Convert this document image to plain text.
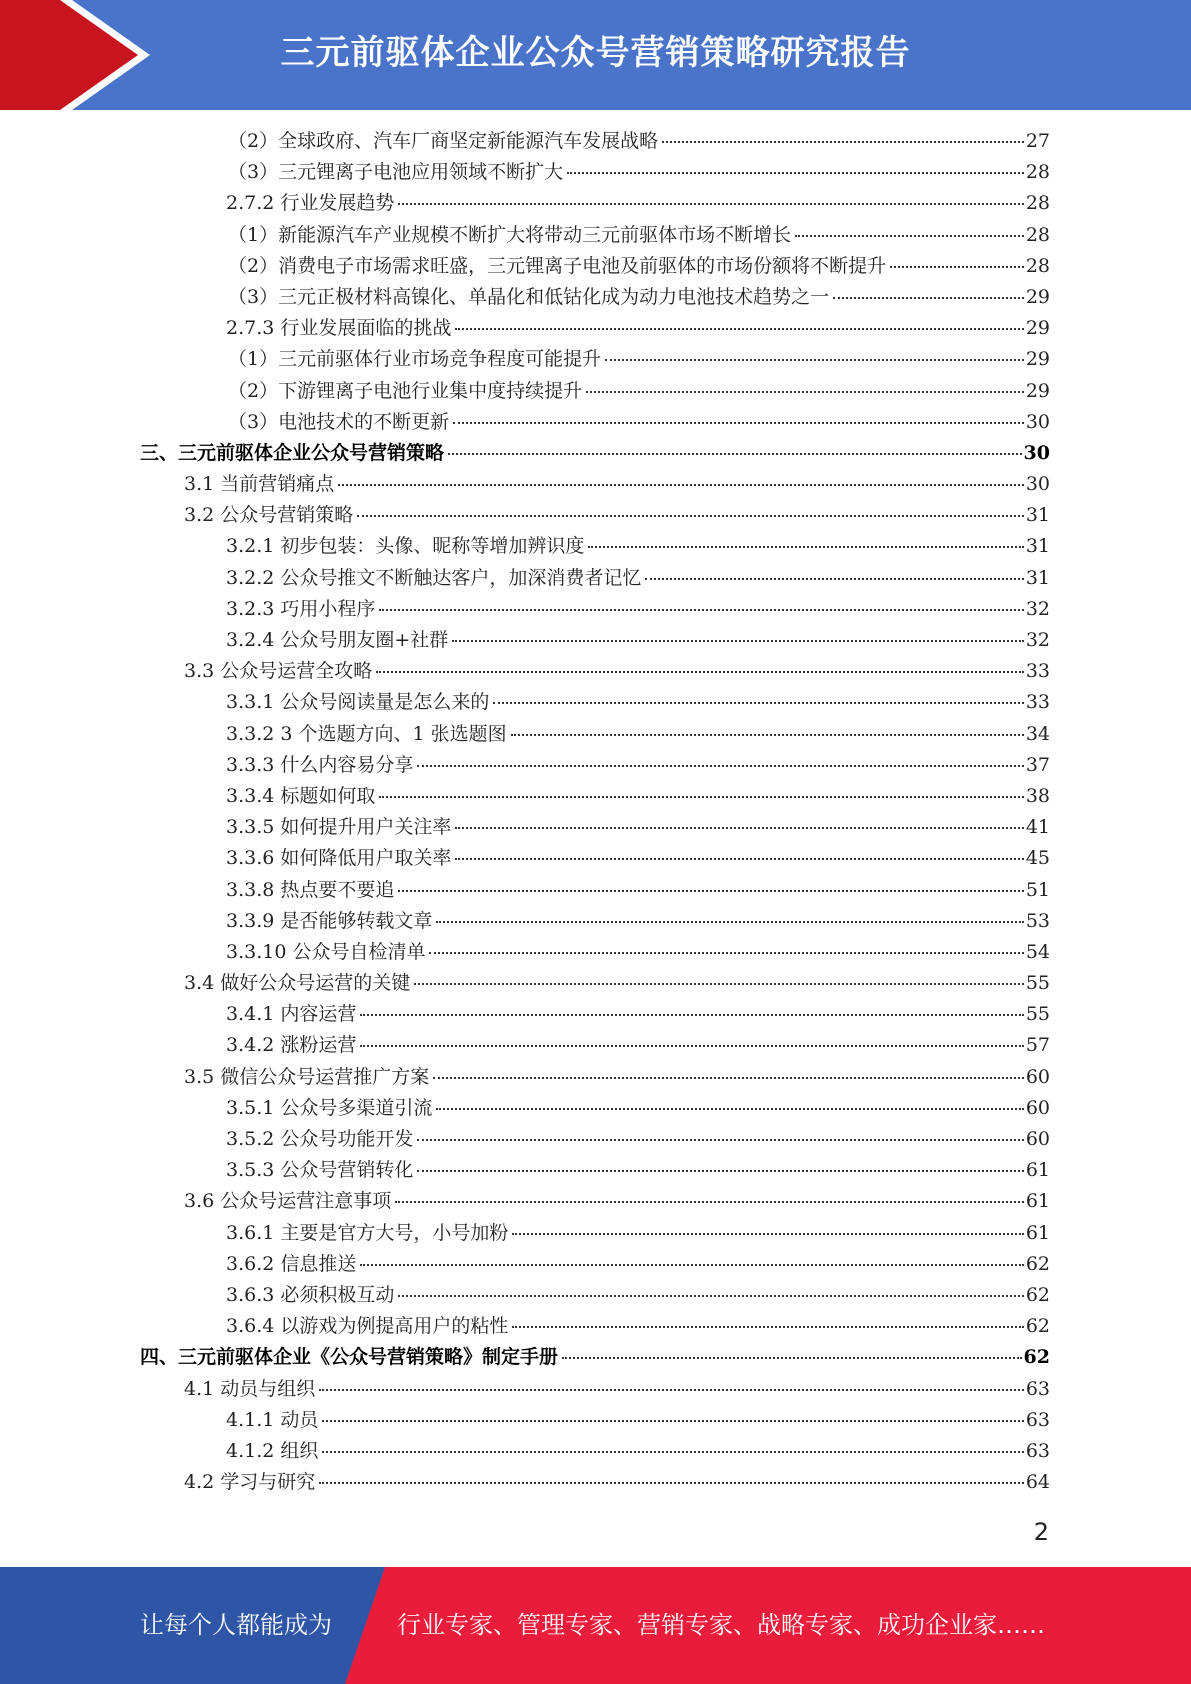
三元前驱体企业公众号营销策略研究报告
（2）全球政府、汽车厂商坚定新能源汽车发展战略	27
（3）三元锂离子电池应用领域不断扩大	28
2.7.2 行业发展趋势	28
（1）新能源汽车产业规模不断扩大将带动三元前驱体市场不断增长	28
（2）消费电子市场需求旺盛，三元锂离子电池及前驱体的市场份额将不断提升	28
（3）三元正极材料高镍化、单晶化和低钴化成为动力电池技术趋势之一	29
2.7.3 行业发展面临的挑战	29
（1）三元前驱体行业市场竞争程度可能提升	29
（2）下游锂离子电池行业集中度持续提升	29
（3）电池技术的不断更新	30
三、三元前驱体企业公众号营销策略	30
3.1 当前营销痛点	30
3.2 公众号营销策略	31
3.2.1 初步包装：头像、昵称等增加辨识度	31
3.2.2 公众号推文不断触达客户，加深消费者记忆	31
3.2.3 巧用小程序	32
3.2.4 公众号朋友圈+社群	32
3.3 公众号运营全攻略	33
3.3.1 公众号阅读量是怎么来的	33
3.3.2 3 个选题方向、1 张选题图	34
3.3.3 什么内容易分享	37
3.3.4 标题如何取	38
3.3.5 如何提升用户关注率	41
3.3.6 如何降低用户取关率	45
3.3.8 热点要不要追	51
3.3.9 是否能够转载文章	53
3.3.10 公众号自检清单	54
3.4 做好公众号运营的关键	55
3.4.1 内容运营	55
3.4.2 涨粉运营	57
3.5 微信公众号运营推广方案	60
3.5.1 公众号多渠道引流	60
3.5.2 公众号功能开发	60
3.5.3 公众号营销转化	61
3.6 公众号运营注意事项	61
3.6.1 主要是官方大号，小号加粉	61
3.6.2 信息推送	62
3.6.3 必须积极互动	62
3.6.4 以游戏为例提高用户的粘性	62
四、三元前驱体企业《公众号营销策略》制定手册	62
4.1 动员与组织	63
4.1.1 动员	63
4.1.2 组织	63
4.2 学习与研究	64
2
让每个人都能成为	行业专家、管理专家、营销专家、战略专家、成功企业家……
